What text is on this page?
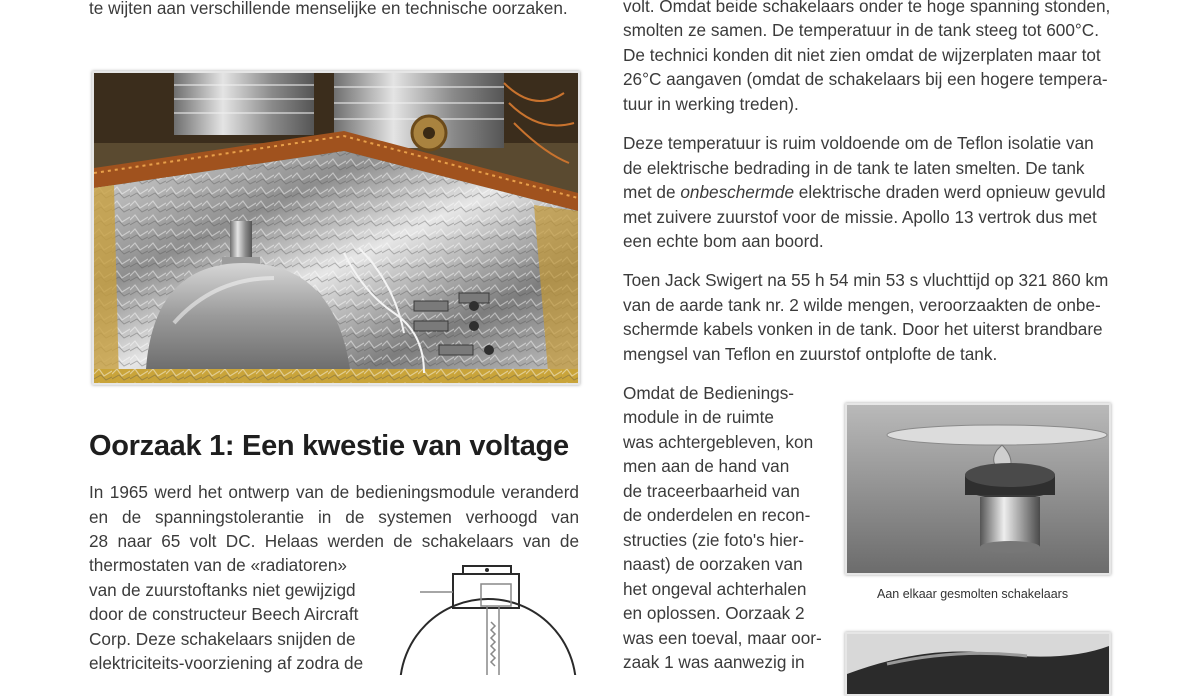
te wijten aan verschillende menselijke en technische oorzaken.	volt. Omdat beide schakelaars onder te hoge spanning stonden,
smolten ze samen. De temperatuur in de tank steeg tot 600°C.
De technici konden dit niet zien omdat de wijzerplaten maar tot
26°C aangaven (omdat de schakelaars bij een hogere tempera-
tuur in werking treden).
Deze temperatuur is ruim voldoende om de Teflon isolatie van
de elektrische bedrading in de tank te laten smelten. De tank
met de onbeschermde elektrische draden werd opnieuw gevuld
met zuivere zuurstof voor de missie. Apollo 13 vertrok dus met
een echte bom aan boord.
Toen Jack Swigert na 55 h 54 min 53 s vluchttijd op 321 860 km
van de aarde tank nr. 2 wilde mengen, veroorzaakten de onbe-
schermde kabels vonken in de tank. Door het uiterst brandbare
mengsel van Teflon en zuurstof ontplofte de tank.
Omdat de Bedienings-
module in de ruimte
was achtergebleven, kon
men aan de hand van
de traceerbaarheid van
de onderdelen en recon-
structies (zie foto's hier-
naast) de oorzaken van
het ongeval achterhalen
en oplossen. Oorzaak 2
was een toeval, maar oor-
zaak 1 was aanwezig in
Oorzaak 1: Een kwestie van voltage
In 1965 werd het ontwerp van de bedieningsmodule veranderd
en de spanningstolerantie in de systemen verhoogd van
28 naar 65 volt DC. Helaas werden de schakelaars van de
thermostaten van de «radiatoren»
van de zuurstoftanks niet gewijzigd
door de constructeur Beech Aircraft
Corp. Deze schakelaars snijden de
elektriciteits-voorziening af zodra de
Aan elkaar gesmolten schakelaars
